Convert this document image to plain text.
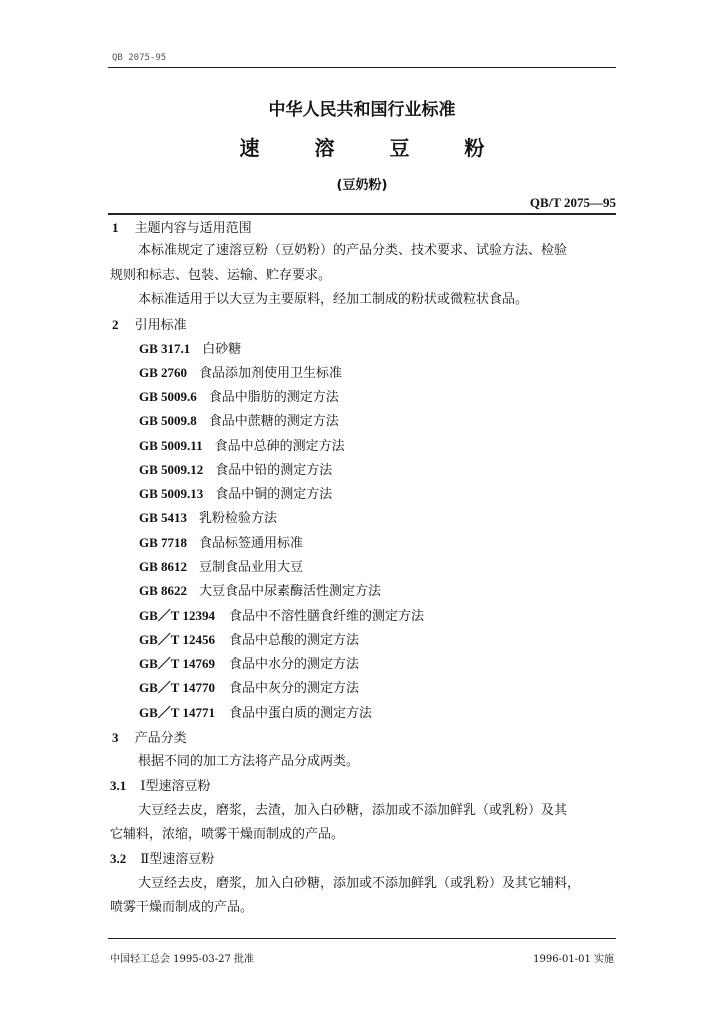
QB 2075-95
中华人民共和国行业标准
速 溶 豆 粉
(豆奶粉)
QB/T 2075—95
1 主题内容与适用范围
本标准规定了速溶豆粉（豆奶粉）的产品分类、技术要求、试验方法、检验
规则和标志、包装、运输、贮存要求。
本标准适用于以大豆为主要原料，经加工制成的粉状或微粒状食品。
2 引用标准
GB 317.1 白砂糖
GB 2760 食品添加剂使用卫生标准
GB 5009.6 食品中脂肪的测定方法
GB 5009.8 食品中蔗糖的测定方法
GB 5009.11 食品中总砷的测定方法
GB 5009.12 食品中铅的测定方法
GB 5009.13 食品中铜的测定方法
GB 5413 乳粉检验方法
GB 7718 食品标签通用标准
GB 8612 豆制食品业用大豆
GB 8622 大豆食品中尿素酶活性测定方法
GB／T 12394 食品中不溶性膳食纤维的测定方法
GB／T 12456 食品中总酸的测定方法
GB／T 14769 食品中水分的测定方法
GB／T 14770 食品中灰分的测定方法
GB／T 14771 食品中蛋白质的测定方法
3 产品分类
根据不同的加工方法将产品分成两类。
3.1 Ⅰ型速溶豆粉
大豆经去皮，磨浆，去渣，加入白砂糖，添加或不添加鲜乳（或乳粉）及其
它辅料，浓缩，喷雾干燥而制成的产品。
3.2 Ⅱ型速溶豆粉
大豆经去皮，磨浆，加入白砂糖，添加或不添加鲜乳（或乳粉）及其它辅料，
喷雾干燥而制成的产品。
中国轻工总会 1995-03-27 批准	1996-01-01 实施
